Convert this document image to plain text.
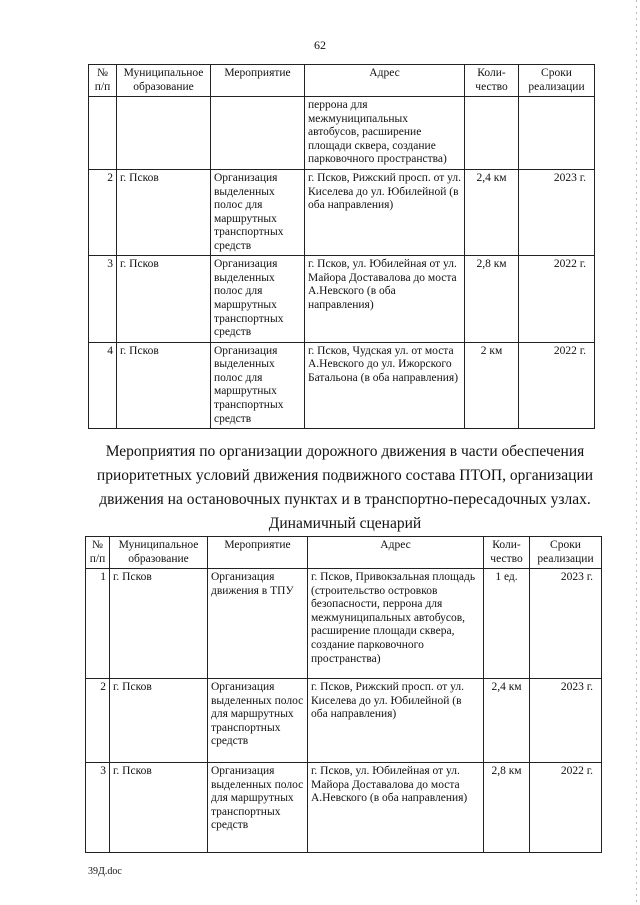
62
№ п/п	Муниципальное образование	Мероприятие	Адрес	Коли-чество	Сроки реализации
			перрона для межмуниципальных автобусов, расширение площади сквера, создание парковочного пространства)		
2	г. Псков	Организация выделенных полос для маршрутных транспортных средств	г. Псков, Рижский просп. от ул. Киселева до ул. Юбилейной (в оба направления)	2,4 км	2023 г.
3	г. Псков	Организация выделенных полос для маршрутных транспортных средств	г. Псков, ул. Юбилейная от ул. Майора Доставалова до моста А.Невского (в оба направления)	2,8 км	2022 г.
4	г. Псков	Организация выделенных полос для маршрутных транспортных средств	г. Псков, Чудская ул. от моста А.Невского до ул. Ижорского Батальона (в оба направления)	2 км	2022 г.
Мероприятия по организации дорожного движения в части обеспечения приоритетных условий движения подвижного состава ПТОП, организации движения на остановочных пунктах и в транспортно-пересадочных узлах. Динамичный сценарий
№ п/п	Муниципальное образование	Мероприятие	Адрес	Коли-чество	Сроки реализации
1	г. Псков	Организация движения в ТПУ	г. Псков, Привокзальная площадь (строительство островков безопасности, перрона для межмуниципальных автобусов, расширение площади сквера, создание парковочного пространства)	1 ед.	2023 г.
2	г. Псков	Организация выделенных полос для маршрутных транспортных средств	г. Псков, Рижский просп. от ул. Киселева до ул. Юбилейной (в оба направления)	2,4 км	2023 г.
3	г. Псков	Организация выделенных полос для маршрутных транспортных средств	г. Псков, ул. Юбилейная от ул. Майора Доставалова до моста А.Невского (в оба направления)	2,8 км	2022 г.
39Д.doc
